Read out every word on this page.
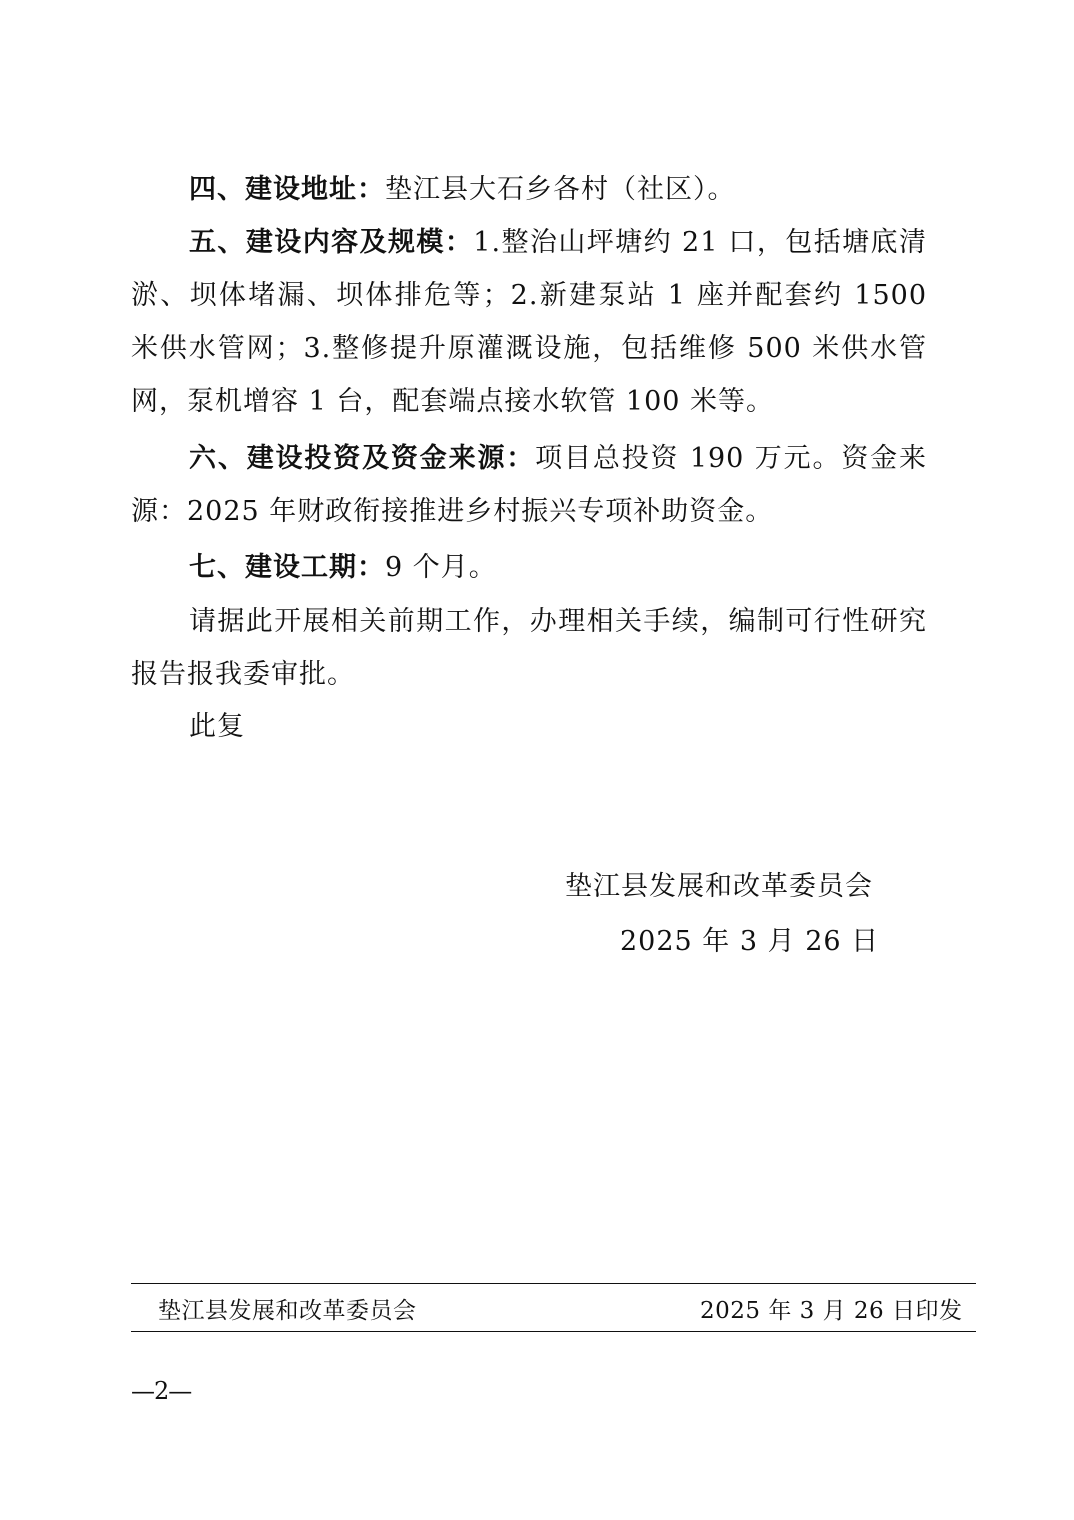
四、建设地址：垫江县大石乡各村（社区）。

五、建设内容及规模：1.整治山坪塘约 21 口，包括塘底清淤、坝体堵漏、坝体排危等；2.新建泵站 1 座并配套约 1500 米供水管网；3.整修提升原灌溉设施，包括维修 500 米供水管网，泵机增容 1 台，配套端点接水软管 100 米等。

六、建设投资及资金来源：项目总投资 190 万元。资金来源：2025 年财政衔接推进乡村振兴专项补助资金。

七、建设工期：9 个月。

请据此开展相关前期工作，办理相关手续，编制可行性研究报告报我委审批。

此复

垫江县发展和改革委员会
2025 年 3 月 26 日
垫江县发展和改革委员会	2025 年 3 月 26 日印发
—2—
